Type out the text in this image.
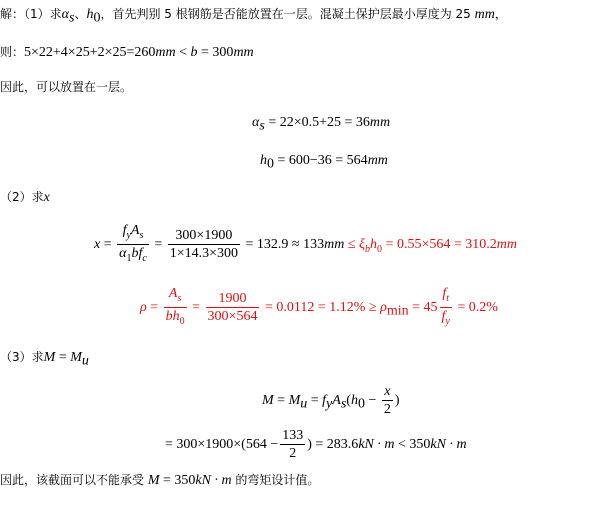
解：（1）求$\alpha_s$、$h_0$，首先判别 5 根钢筋是否能放置在一层。混凝土保护层最小厚度为 25 mm，
则：5×22+4×25+2×25=260mm < b = 300mm
因此，可以放置在一层。
$\alpha_s = 22\times 0.5+25 = 36mm$
$h_0 = 600-36 = 564mm$
（2）求x
$x = \frac{f_yA_s}{\alpha_1bf_c} = \frac{300\times 1900}{1\times 14.3\times 300} = 132.9 \approx 133mm \le \xi_bh_0 = 0.55\times 564 = 310.2mm$
$\rho = \frac{A_s}{bh_0} = \frac{1900}{300\times 564} = 0.0112 = 1.12\% \ge \rho_{min} = 45 \frac{f_t}{f_y} = 0.2\%$
（3）求$M = M_u$
$M = M_u = f_yA_s(h_0 - \frac{x}{2}$ )
= $300\times 1900\times(564 - \frac{133}{2}$ ) = 283.6kN · m < 350kN · m
因此，该截面可以不能承受 M = 350kN · m 的弯矩设计值。
